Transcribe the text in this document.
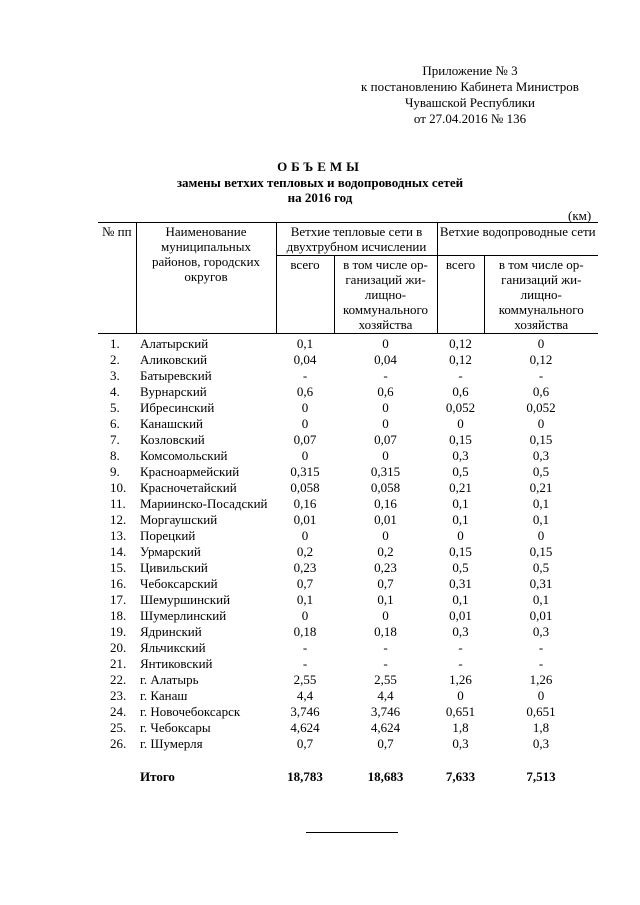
Приложение № 3
к постановлению Кабинета Министров
Чувашской Республики
от 27.04.2016 № 136
ОБЪЕМЫ
замены ветхих тепловых и водопроводных сетей
на 2016 год
(км)
№ пп	Наименование муниципальных районов, городских округов	Ветхие тепловые сети в двухтрубном исчислении		Ветхие водопроводные сети	
		всего	в том числе ор-ганизаций жи-лищно-коммунального хозяйства	всего	в том числе ор-ганизаций жи-лищно-коммунального хозяйства
1.	Алатырский	0,1	0	0,12	0
2.	Аликовский	0,04	0,04	0,12	0,12
3.	Батыревский	-	-	-	-
4.	Вурнарский	0,6	0,6	0,6	0,6
5.	Ибресинский	0	0	0,052	0,052
6.	Канашский	0	0	0	0
7.	Козловский	0,07	0,07	0,15	0,15
8.	Комсомольский	0	0	0,3	0,3
9.	Красноармейский	0,315	0,315	0,5	0,5
10.	Красночетайский	0,058	0,058	0,21	0,21
11.	Мариинско-Посадский	0,16	0,16	0,1	0,1
12.	Моргаушский	0,01	0,01	0,1	0,1
13.	Порецкий	0	0	0	0
14.	Урмарский	0,2	0,2	0,15	0,15
15.	Цивильский	0,23	0,23	0,5	0,5
16.	Чебоксарский	0,7	0,7	0,31	0,31
17.	Шемуршинский	0,1	0,1	0,1	0,1
18.	Шумерлинский	0	0	0,01	0,01
19.	Ядринский	0,18	0,18	0,3	0,3
20.	Яльчикский	-	-	-	-
21.	Янтиковский	-	-	-	-
22.	г. Алатырь	2,55	2,55	1,26	1,26
23.	г. Канаш	4,4	4,4	0	0
24.	г. Новочебоксарск	3,746	3,746	0,651	0,651
25.	г. Чебоксары	4,624	4,624	1,8	1,8
26.	г. Шумерля	0,7	0,7	0,3	0,3

	Итого	18,783	18,683	7,633	7,513
